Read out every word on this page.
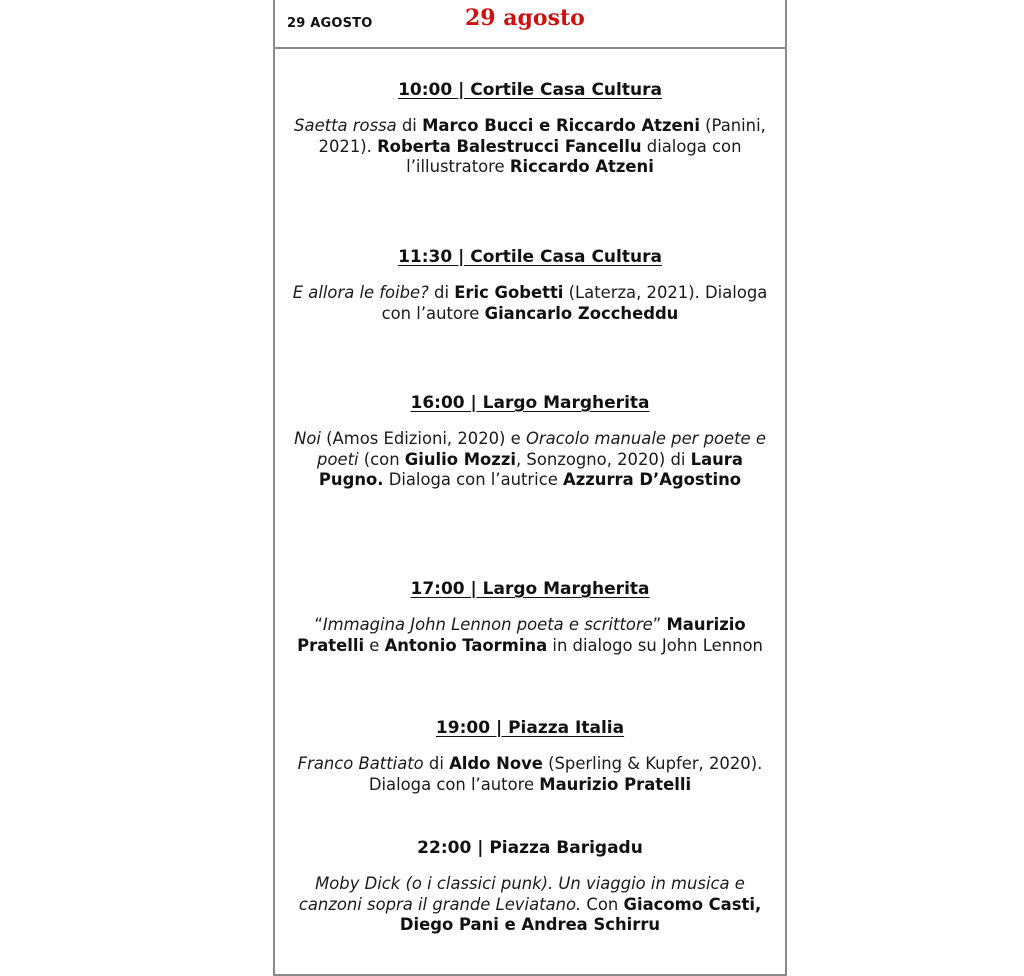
29 AGOSTO	29 agosto
10:00 | Cortile Casa Cultura
Saetta rossa di Marco Bucci e Riccardo Atzeni (Panini, 2021). Roberta Balestrucci Fancellu dialoga con l’illustratore Riccardo Atzeni
11:30 | Cortile Casa Cultura
E allora le foibe? di Eric Gobetti (Laterza, 2021). Dialoga con l’autore Giancarlo Zoccheddu
16:00 | Largo Margherita
Noi (Amos Edizioni, 2020) e Oracolo manuale per poete e poeti (con Giulio Mozzi, Sonzogno, 2020) di Laura Pugno. Dialoga con l’autrice Azzurra D’Agostino
17:00 | Largo Margherita
“Immagina John Lennon poeta e scrittore” Maurizio Pratelli e Antonio Taormina in dialogo su John Lennon
19:00 | Piazza Italia
Franco Battiato di Aldo Nove (Sperling & Kupfer, 2020). Dialoga con l’autore Maurizio Pratelli
22:00 | Piazza Barigadu
Moby Dick (o i classici punk). Un viaggio in musica e canzoni sopra il grande Leviatano. Con Giacomo Casti, Diego Pani e Andrea Schirru
